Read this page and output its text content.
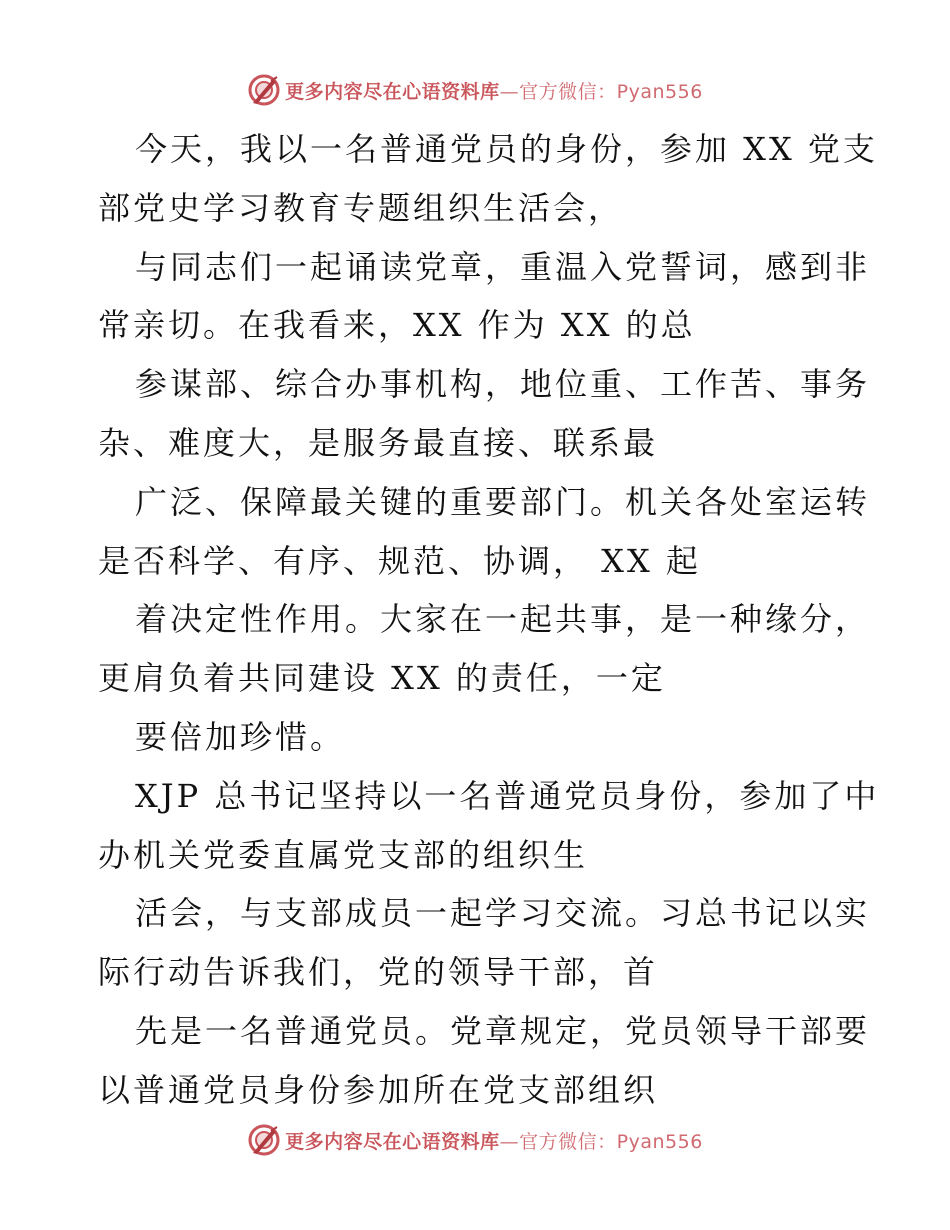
更多内容尽在心语资料库—官方微信：Pyan556
今天，我以一名普通党员的身份，参加 XX 党支
部党史学习教育专题组织生活会，
与同志们一起诵读党章，重温入党誓词，感到非
常亲切。在我看来，XX 作为 XX 的总
参谋部、综合办事机构，地位重、工作苦、事务
杂、难度大，是服务最直接、联系最
广泛、保障最关键的重要部门。机关各处室运转
是否科学、有序、规范、协调， XX 起
着决定性作用。大家在一起共事，是一种缘分，
更肩负着共同建设 XX 的责任，一定
要倍加珍惜。
XJP 总书记坚持以一名普通党员身份，参加了中
办机关党委直属党支部的组织生
活会，与支部成员一起学习交流。习总书记以实
际行动告诉我们，党的领导干部，首
先是一名普通党员。党章规定，党员领导干部要
以普通党员身份参加所在党支部组织
更多内容尽在心语资料库—官方微信：Pyan556
